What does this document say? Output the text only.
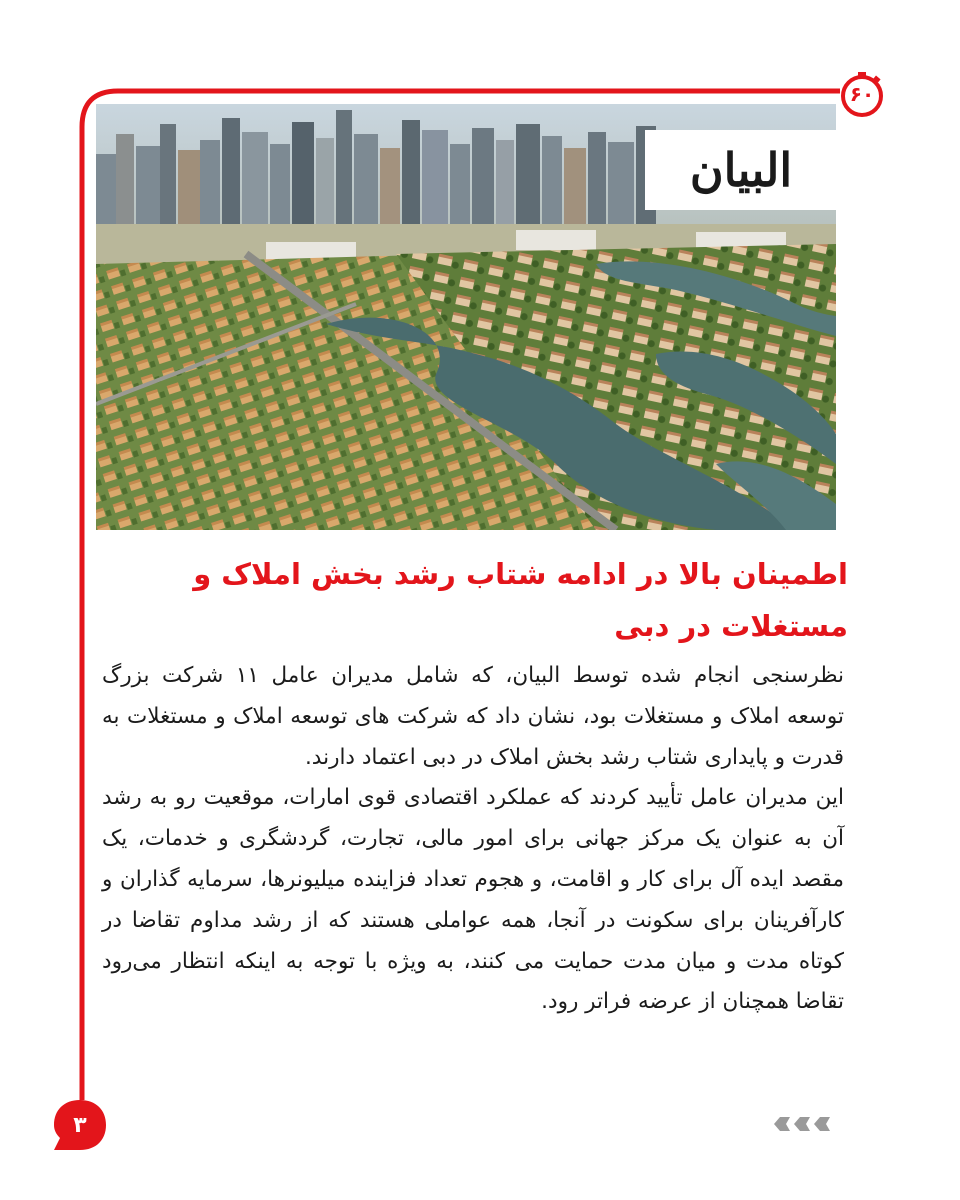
البيان
۶۰
۳
اطمینان بالا در ادامه شتاب رشد بخش املاک و مستغلات در دبی

نظرسنجی انجام شده توسط البیان، که شامل مدیران عامل ۱۱ شرکت بزرگ توسعه املاک و مستغلات بود، نشان داد که شرکت های توسعه املاک و مستغلات به قدرت و پایداری شتاب رشد بخش املاک در دبی اعتماد دارند.

این مدیران عامل تأیید کردند که عملکرد اقتصادی قوی امارات، موقعیت رو به رشد آن به عنوان یک مرکز جهانی برای امور مالی، تجارت، گردشگری و خدمات، یک مقصد ایده آل برای کار و اقامت، و هجوم تعداد فزاینده میلیونرها، سرمایه گذاران و کارآفرینان برای سکونت در آنجا، همه عواملی هستند که از رشد مداوم تقاضا در کوتاه مدت و میان مدت حمایت می کنند، به ویژه با توجه به اینکه انتظار می‌رود تقاضا همچنان از عرضه فراتر رود.
